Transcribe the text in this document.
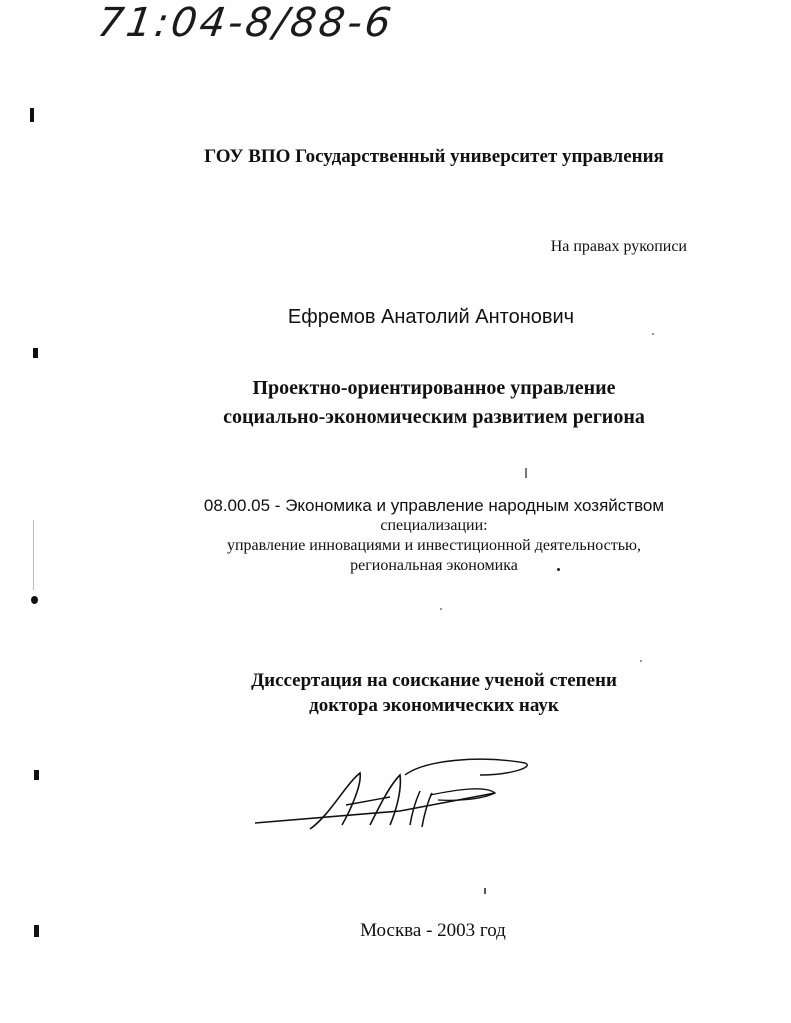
71:04-8/88-6
ГОУ ВПО Государственный университет управления
На правах рукописи
Ефремов Анатолий Антонович
Проектно-ориентированное управление
социально-экономическим развитием региона
08.00.05 - Экономика и управление народным хозяйством
специализации:
управление инновациями и инвестиционной деятельностью,
региональная экономика
Диссертация на соискание ученой степени
доктора экономических наук
Москва - 2003 год
